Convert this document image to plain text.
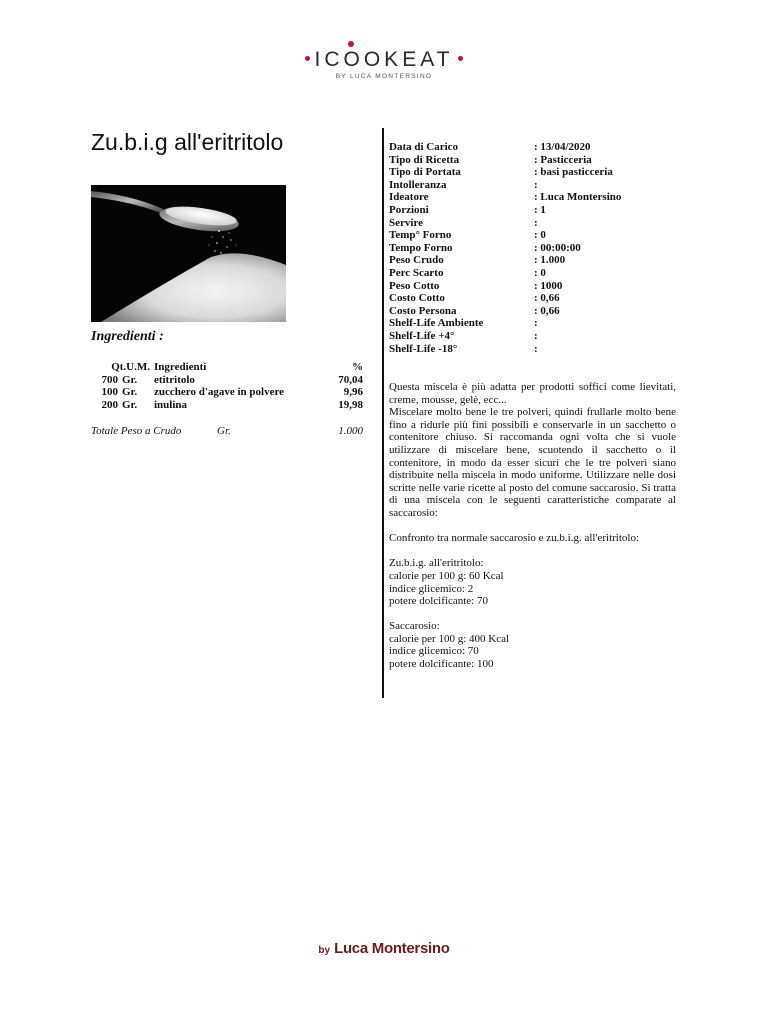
ICOOKEAT
BY LUCA MONTERSINO
Zu.b.i.g all'eritritolo
Ingredienti :
Qt.U.M.		Ingredienti	%
700	Gr.	etitritolo	70,04
100	Gr.	zucchero d'agave in polvere	9,96
200	Gr.	inulina	19,98
Totale Peso a Crudo	Gr.	1.000
Data di Carico	: 13/04/2020
Tipo di Ricetta	: Pasticceria
Tipo di Portata	: basi pasticceria
Intolleranza	:
Ideatore	: Luca Montersino
Porzioni	: 1
Servire	:
Temp° Forno	: 0
Tempo Forno	: 00:00:00
Peso Crudo	: 1.000
Perc Scarto	: 0
Peso Cotto	: 1000
Costo Cotto	: 0,66
Costo Persona	: 0,66
Shelf-Life Ambiente	:
Shelf-Life +4°	:
Shelf-Life -18°	:

Questa miscela è più adatta per prodotti soffici come lievitati, creme, mousse, gelè, ecc...

Miscelare molto bene le tre polveri, quindi frullarle molto bene fino a ridurle più fini possibili e conservarle in un sacchetto o contenitore chiuso. Si raccomanda ogni volta che si vuole utilizzare di miscelare bene, scuotendo il sacchetto o il contenitore, in modo da esser sicuri che le tre polveri siano distribuite nella miscela in modo uniforme. Utilizzare nelle dosi scritte nelle varie ricette al posto del comune saccarosio. Si tratta di una miscela con le seguenti caratteristiche comparate al saccarosio:

Confronto tra normale saccarosio e zu.b.i.g. all'eritritolo:

Zu.b.i.g. all'eritritolo:

calorie per 100 g: 60 Kcal

indice glicemico: 2

potere dolcificante: 70

Saccarosio:

calorie per 100 g: 400 Kcal

indice glicemico: 70

potere dolcificante: 100

by Luca Montersino
